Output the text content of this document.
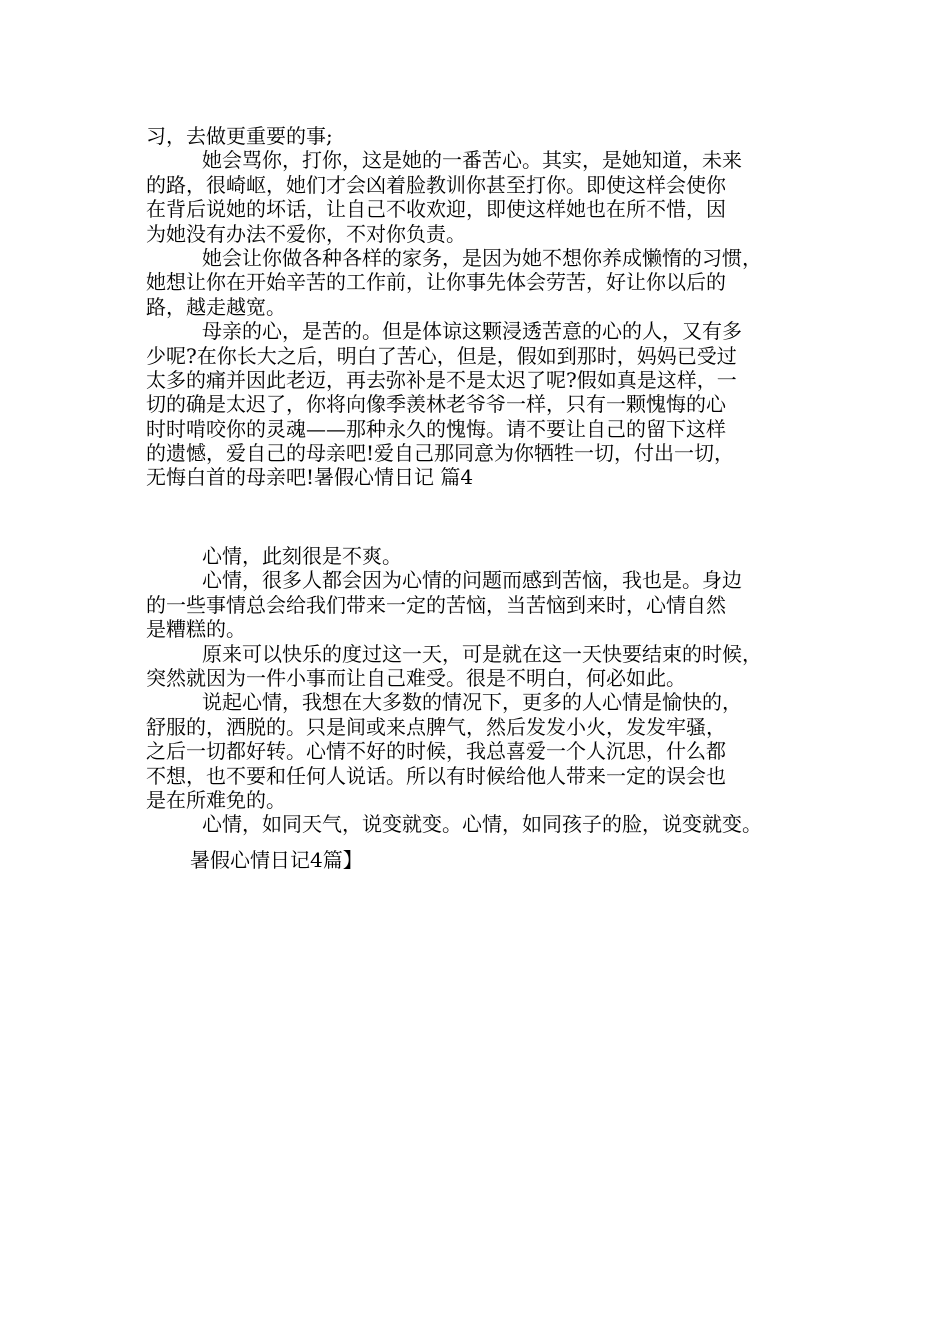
习，去做更重要的事;
她会骂你，打你，这是她的一番苦心。其实，是她知道，未来
的路，很崎岖，她们才会凶着脸教训你甚至打你。即使这样会使你
在背后说她的坏话，让自己不收欢迎，即使这样她也在所不惜，因
为她没有办法不爱你，不对你负责。
她会让你做各种各样的家务，是因为她不想你养成懒惰的习惯，
她想让你在开始辛苦的工作前，让你事先体会劳苦，好让你以后的
路，越走越宽。
母亲的心，是苦的。但是体谅这颗浸透苦意的心的人，又有多
少呢?在你长大之后，明白了苦心，但是，假如到那时，妈妈已受过
太多的痛并因此老迈，再去弥补是不是太迟了呢?假如真是这样，一
切的确是太迟了，你将向像季羡林老爷爷一样，只有一颗愧悔的心
时时啃咬你的灵魂——那种永久的愧悔。请不要让自己的留下这样
的遗憾，爱自己的母亲吧!爱自己那同意为你牺牲一切，付出一切，
无悔白首的母亲吧!暑假心情日记 篇4
心情，此刻很是不爽。
心情，很多人都会因为心情的问题而感到苦恼，我也是。身边
的一些事情总会给我们带来一定的苦恼，当苦恼到来时，心情自然
是糟糕的。
原来可以快乐的度过这一天，可是就在这一天快要结束的时候，
突然就因为一件小事而让自己难受。很是不明白，何必如此。
说起心情，我想在大多数的情况下，更多的人心情是愉快的，
舒服的，洒脱的。只是间或来点脾气，然后发发小火，发发牢骚，
之后一切都好转。心情不好的时候，我总喜爱一个人沉思，什么都
不想，也不要和任何人说话。所以有时候给他人带来一定的误会也
是在所难免的。
心情，如同天气，说变就变。心情，如同孩子的脸，说变就变。
暑假心情日记4篇】
